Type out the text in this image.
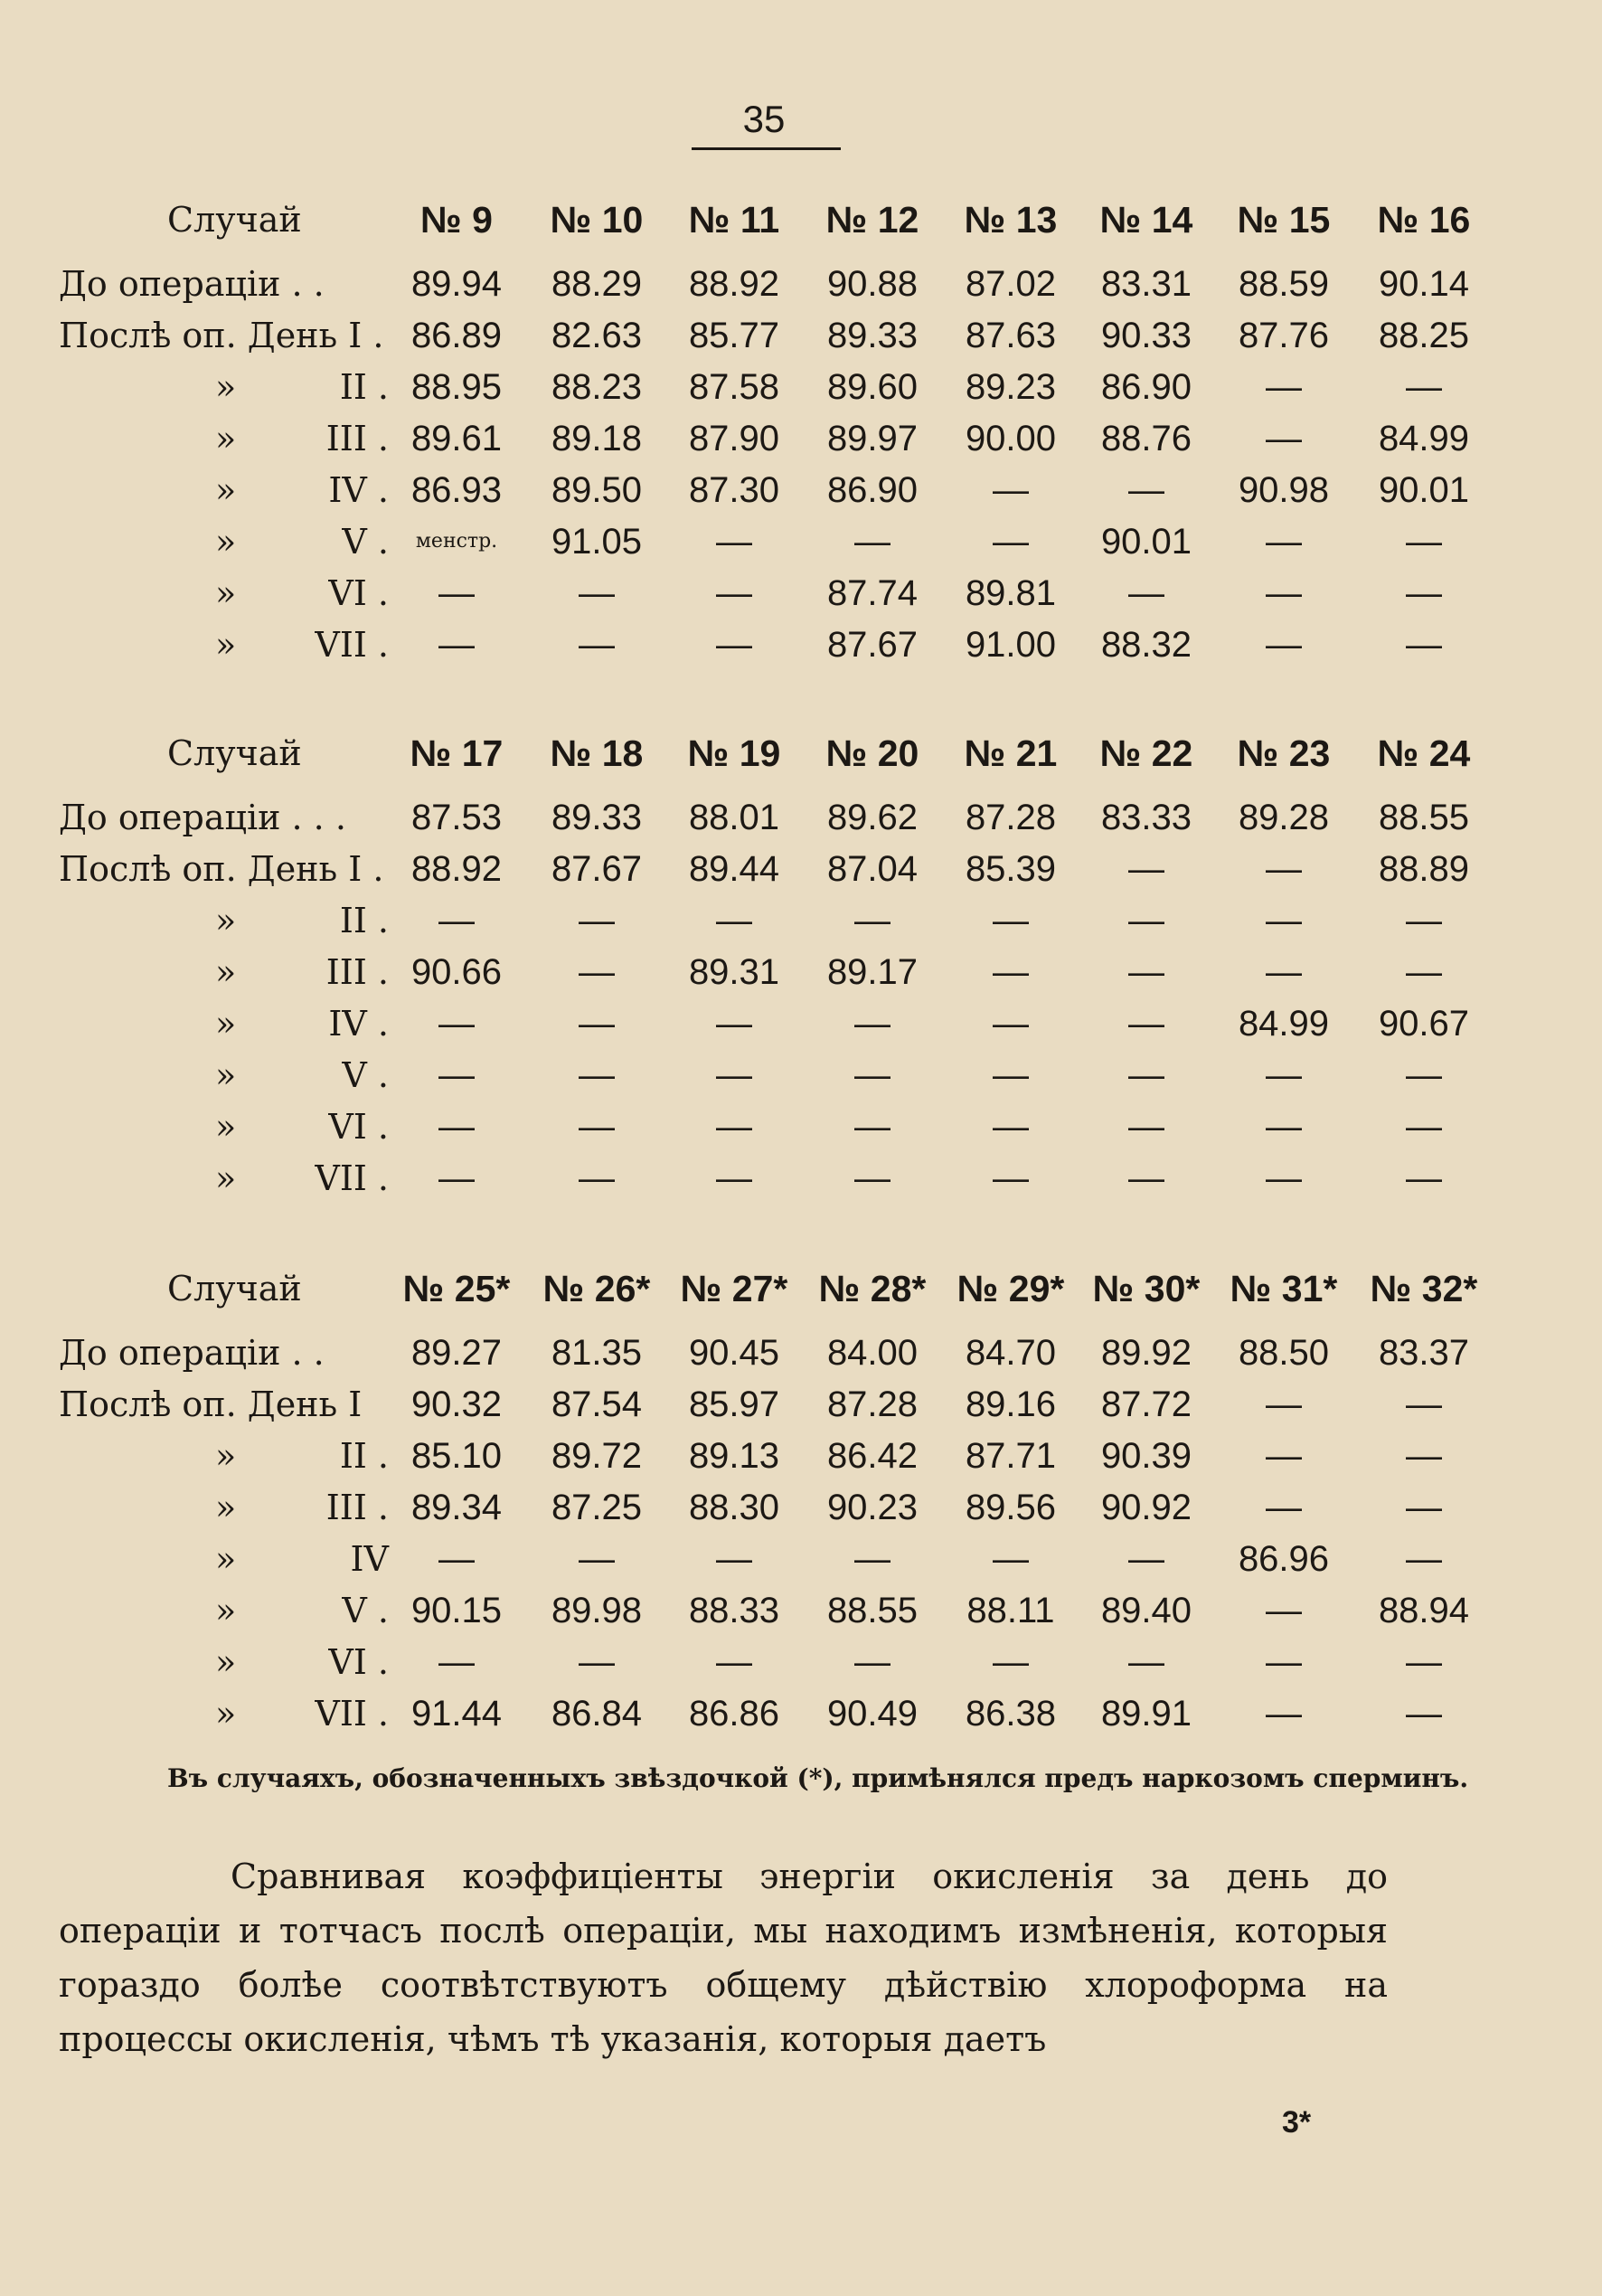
35
Случай	№ 9	№ 10	№ 11	№ 12	№ 13	№ 14	№ 15	№ 16
До операціи . .	89.94	88.29	88.92	90.88	87.02	83.31	88.59	90.14
Послѣ оп. День I . 86.89	82.63	85.77	89.33	87.63	90.33	87.76	88.25
»	II . 88.95	88.23	87.58	89.60	89.23	86.90	—	—
»	III . 89.61	89.18	87.90	89.97	90.00	88.76	—	84.99
»	IV . 86.93	89.50	87.30	86.90	—	—	90.98	90.01
»	V .	менстр.	91.05	—	—	—	90.01	—	—
»	VI .	—	—	—	87.74	89.81	—	—	—
»	VII .	—	—	—	87.67	91.00	88.32	—	—
Случай	№ 17	№ 18	№ 19	№ 20	№ 21	№ 22	№ 23	№ 24
До операціи . . .	87.53	89.33	88.01	89.62	87.28	83.33	89.28	88.55
Послѣ оп. День I . 88.92	87.67	89.44	87.04	85.39	—	—	88.89
»	II .	—	—	—	—	—	—	—	—
»	III . 90.66	—	89.31	89.17	—	—	—	—
»	IV .	—	—	—	—	—	—	84.99	90.67
»	V .	—	—	—	—	—	—	—	—
»	VI .	—	—	—	—	—	—	—	—
»	VII .	—	—	—	—	—	—	—	—
Случай	№ 25* № 26* № 27* № 28* № 29* № 30* № 31* № 32*
До операціи . .	89.27	81.35	90.45	84.00	84.70	89.92	88.50	83.37
Послѣ оп. День I	90.32	87.54	85.97	87.28	89.16	87.72	—	—
»	II . 85.10	89.72	89.13	86.42	87.71	90.39	—	—
»	III . 89.34	87.25	88.30	90.23	89.56	90.92	—	—
»	IV	—	—	—	—	—	—	86.96	—
»	V . 90.15	89.98	88.33	88.55	88.11	89.40	—	88.94
»	VI .	—	—	—	—	—	—	—	—
»	VII . 91.44	86.84	86.86	90.49	86.38	89.91	—	—
Въ случаяхъ, обозначенныхъ звѣздочкой (*), примѣнялся предъ наркозомъ сперминъ.
Сравнивая коэффиціенты энергіи окисленія за день до операціи и тотчасъ послѣ операціи, мы находимъ измѣненія, которыя гораздо болѣе соотвѣтствуютъ общему дѣйствію хлороформа на процессы окисленія, чѣмъ тѣ указанія, которыя даетъ
3*
